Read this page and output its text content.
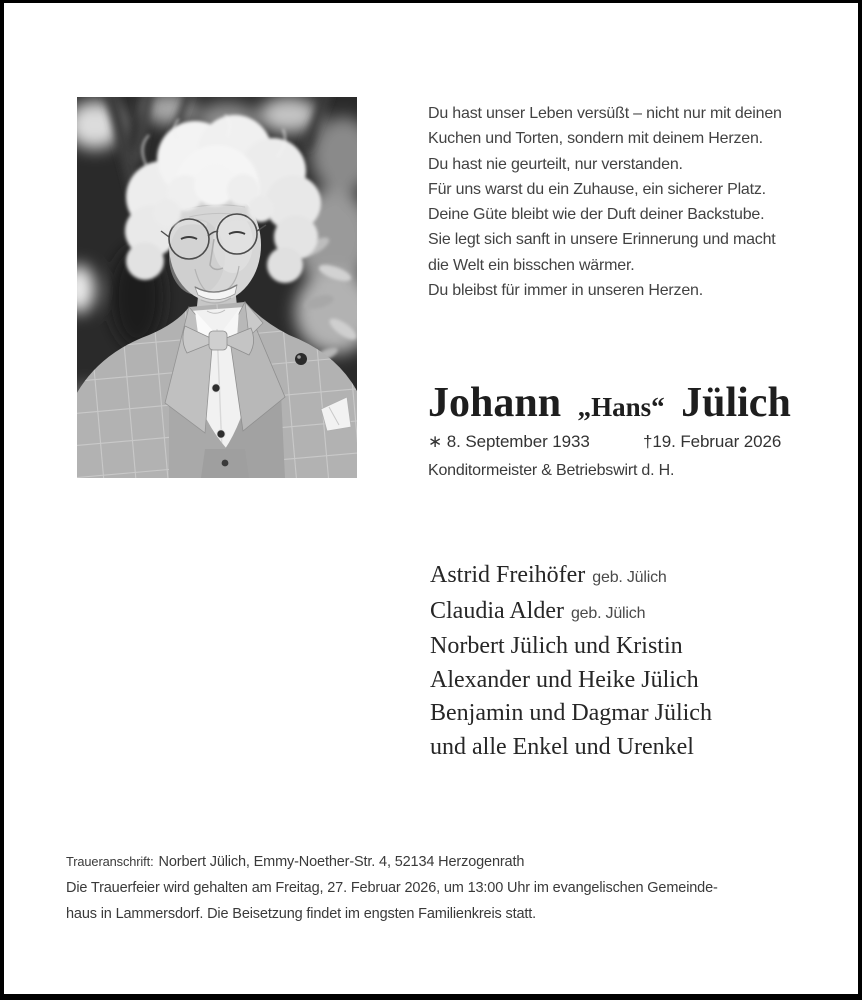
Du hast unser Leben versüßt – nicht nur mit deinen
Kuchen und Torten, sondern mit deinem Herzen.
Du hast nie geurteilt, nur verstanden.
Für uns warst du ein Zuhause, ein sicherer Platz.
Deine Güte bleibt wie der Duft deiner Backstube.
Sie legt sich sanft in unsere Erinnerung und macht
die Welt ein bisschen wärmer.
Du bleibst für immer in unseren Herzen.
Johann „Hans“ Jülich
∗ 8. September 1933	†19. Februar 2026
Konditormeister & Betriebswirt d. H.
Astrid Freihöfer geb. Jülich
Claudia Alder geb. Jülich
Norbert Jülich und Kristin
Alexander und Heike Jülich
Benjamin und Dagmar Jülich
und alle Enkel und Urenkel
Traueranschrift: Norbert Jülich, Emmy-Noether-Str. 4, 52134 Herzogenrath
Die Trauerfeier wird gehalten am Freitag, 27. Februar 2026, um 13:00 Uhr im evangelischen Gemeinde-
haus in Lammersdorf. Die Beisetzung findet im engsten Familienkreis statt.
